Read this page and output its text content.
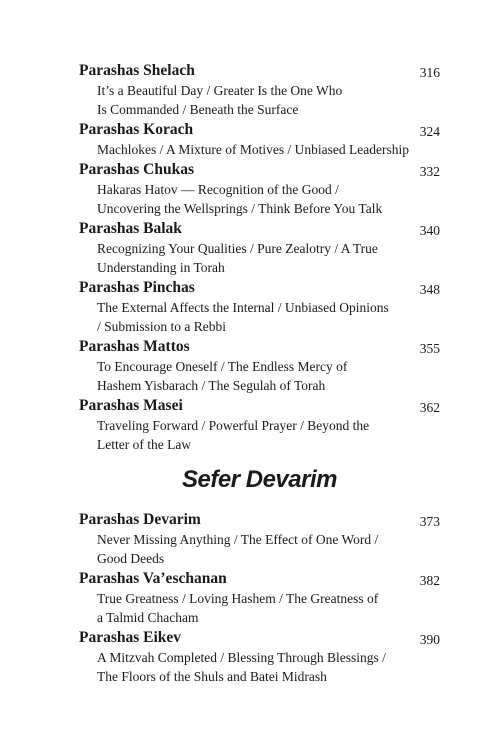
Parashas Shelach	316
It’s a Beautiful Day / Greater Is the One Who
Is Commanded / Beneath the Surface
Parashas Korach	324
Machlokes / A Mixture of Motives / Unbiased Leadership
Parashas Chukas	332
Hakaras Hatov — Recognition of the Good /
Uncovering the Wellsprings / Think Before You Talk
Parashas Balak	340
Recognizing Your Qualities / Pure Zealotry / A True
Understanding in Torah
Parashas Pinchas	348
The External Affects the Internal / Unbiased Opinions
/ Submission to a Rebbi
Parashas Mattos	355
To Encourage Oneself / The Endless Mercy of
Hashem Yisbarach / The Segulah of Torah
Parashas Masei	362
Traveling Forward / Powerful Prayer / Beyond the
Letter of the Law
Sefer Devarim
Parashas Devarim	373
Never Missing Anything / The Effect of One Word /
Good Deeds
Parashas Va’eschanan	382
True Greatness / Loving Hashem / The Greatness of
a Talmid Chacham
Parashas Eikev	390
A Mitzvah Completed / Blessing Through Blessings /
The Floors of the Shuls and Batei Midrash
